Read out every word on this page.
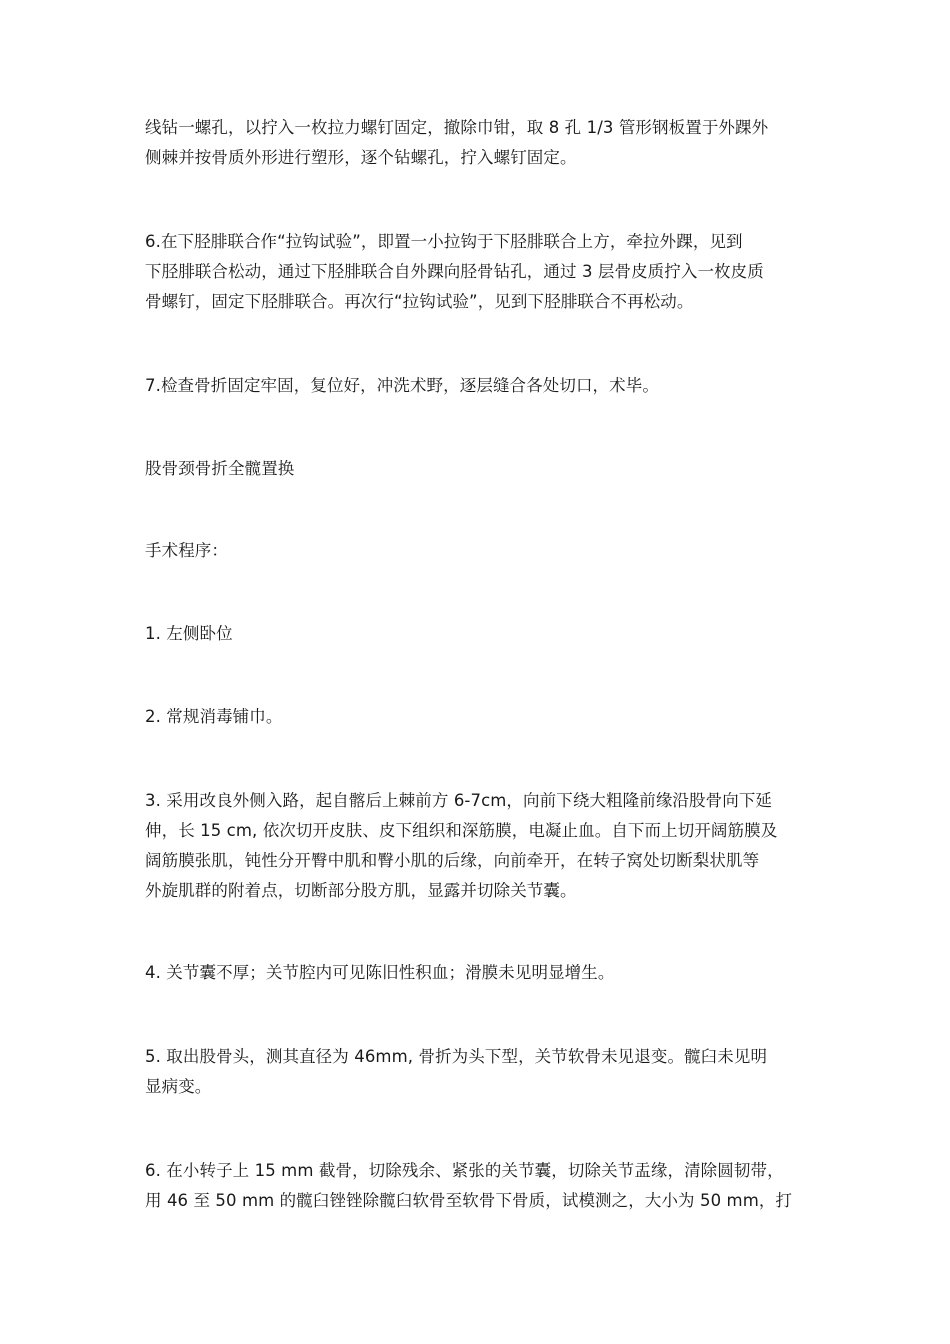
线钻一螺孔，以拧入一枚拉力螺钉固定，撤除巾钳，取 8 孔 1/3 管形钢板置于外踝外
侧棘并按骨质外形进行塑形，逐个钻螺孔，拧入螺钉固定。

6.在下胫腓联合作“拉钩试验”，即置一小拉钩于下胫腓联合上方，牵拉外踝，见到
下胫腓联合松动，通过下胫腓联合自外踝向胫骨钻孔，通过 3 层骨皮质拧入一枚皮质
骨螺钉，固定下胫腓联合。再次行“拉钩试验”，见到下胫腓联合不再松动。

7.检查骨折固定牢固，复位好，冲洗术野，逐层缝合各处切口，术毕。

股骨颈骨折全髋置换

手术程序：

1. 左侧卧位

2. 常规消毒铺巾。

3. 采用改良外侧入路，起自髂后上棘前方 6-7cm，向前下绕大粗隆前缘沿股骨向下延
伸，长 15 cm, 依次切开皮肤、皮下组织和深筋膜，电凝止血。自下而上切开阔筋膜及
阔筋膜张肌，钝性分开臀中肌和臀小肌的后缘，向前牵开，在转子窝处切断梨状肌等
外旋肌群的附着点，切断部分股方肌，显露并切除关节囊。

4. 关节囊不厚；关节腔内可见陈旧性积血；滑膜未见明显增生。

5. 取出股骨头，测其直径为 46mm, 骨折为头下型，关节软骨未见退变。髋臼未见明
显病变。

6. 在小转子上 15 mm 截骨，切除残余、紧张的关节囊，切除关节盂缘，清除圆韧带，
用 46 至 50 mm 的髋臼锉锉除髋臼软骨至软骨下骨质，试模测之，大小为 50 mm，打
